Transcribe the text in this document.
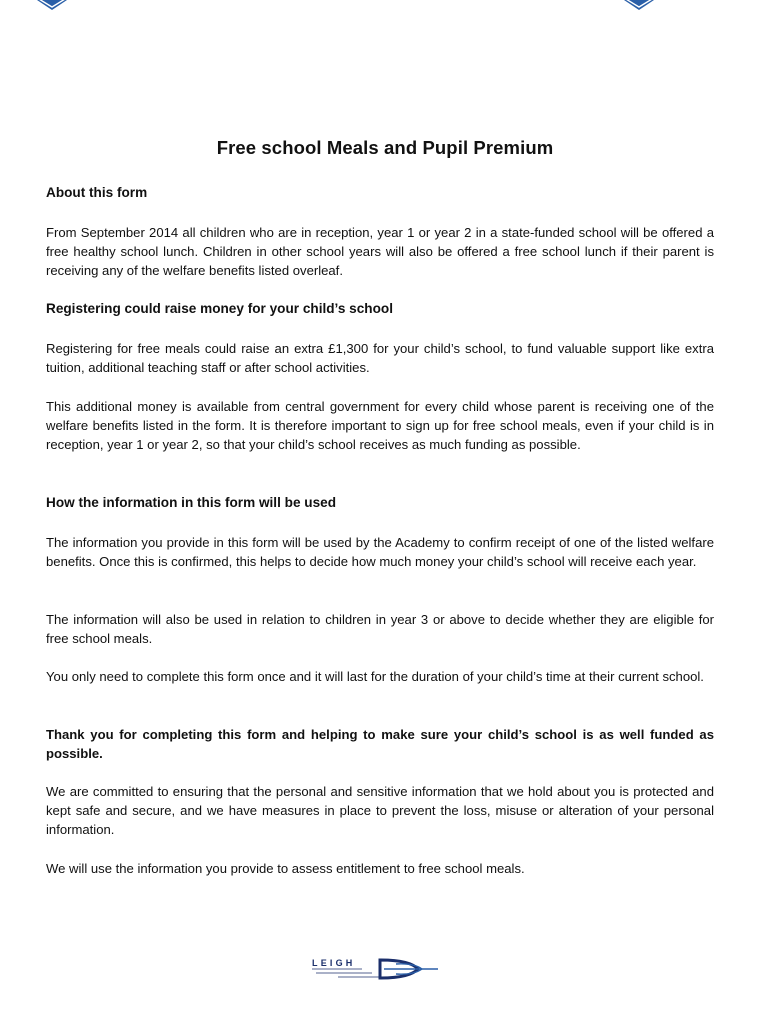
Free school Meals and Pupil Premium
About this form

From September 2014 all children who are in reception, year 1 or year 2 in a state-funded school will be offered a free healthy school lunch. Children in other school years will also be offered a free school lunch if their parent is receiving any of the welfare benefits listed overleaf.

Registering could raise money for your child’s school

Registering for free meals could raise an extra £1,300 for your child’s school, to fund valuable support like extra tuition, additional teaching staff or after school activities.

This additional money is available from central government for every child whose parent is receiving one of the welfare benefits listed in the form. It is therefore important to sign up for free school meals, even if your child is in reception, year 1 or year 2, so that your child’s school receives as much funding as possible.

How the information in this form will be used

The information you provide in this form will be used by the Academy to confirm receipt of one of the listed welfare benefits. Once this is confirmed, this helps to decide how much money your child’s school will receive each year.

The information will also be used in relation to children in year 3 or above to decide whether they are eligible for free school meals.

You only need to complete this form once and it will last for the duration of your child’s time at their current school.

Thank you for completing this form and helping to make sure your child’s school is as well funded as possible.

We are committed to ensuring that the personal and sensitive information that we hold about you is protected and kept safe and secure, and we have measures in place to prevent the loss, misuse or alteration of your personal information.

We will use the information you provide to assess entitlement to free school meals.

LEIGH
